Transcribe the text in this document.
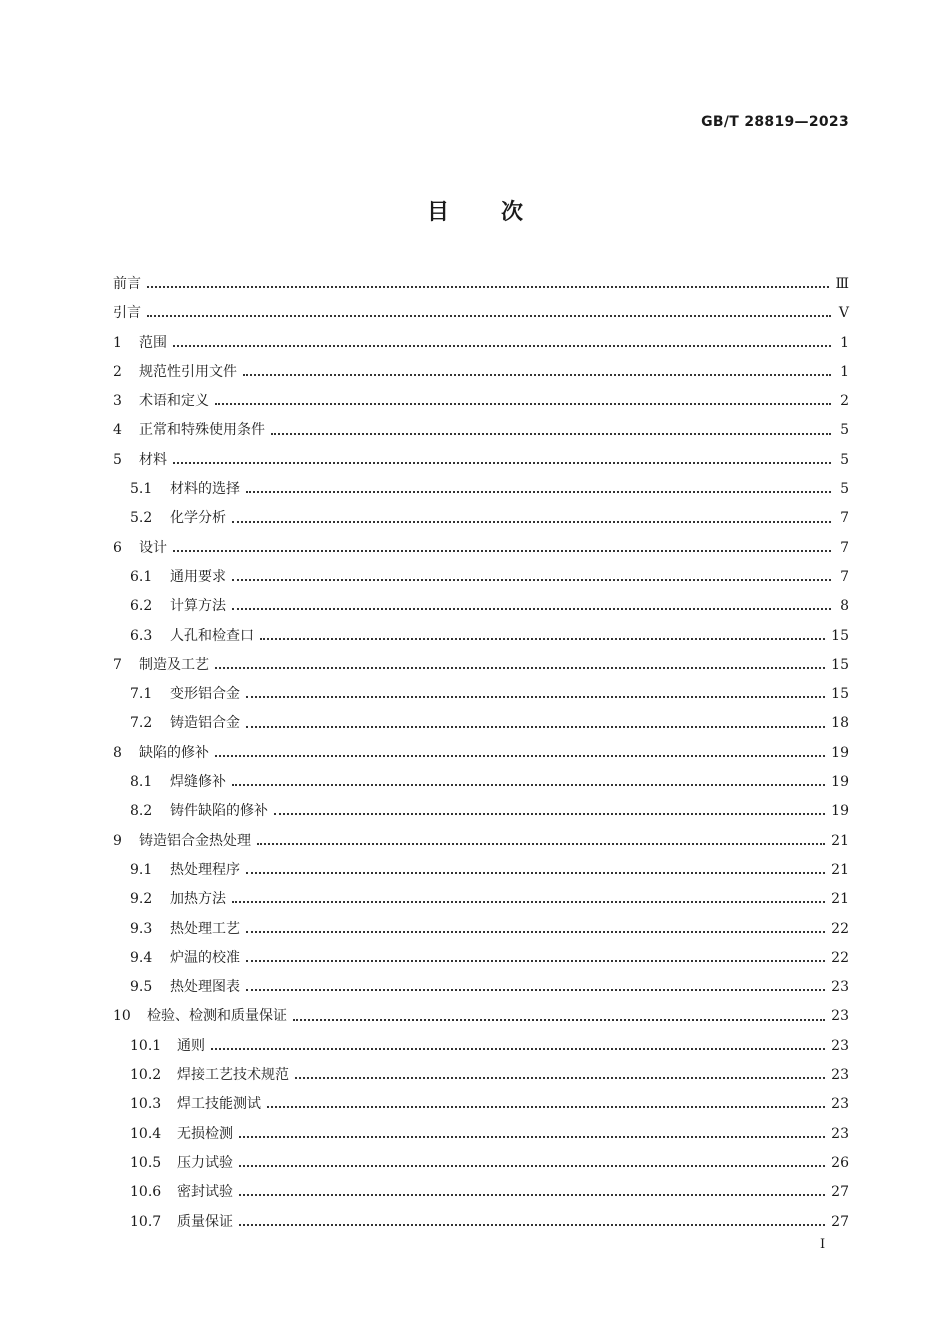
GB/T 28819—2023
目次
前言	Ⅲ
引言	Ⅴ
1	范围	1
2	规范性引用文件	1
3	术语和定义	2
4	正常和特殊使用条件	5
5	材料	5
5.1	材料的选择	5
5.2	化学分析	7
6	设计	7
6.1	通用要求	7
6.2	计算方法	8
6.3	人孔和检查口	15
7	制造及工艺	15
7.1	变形铝合金	15
7.2	铸造铝合金	18
8	缺陷的修补	19
8.1	焊缝修补	19
8.2	铸件缺陷的修补	19
9	铸造铝合金热处理	21
9.1	热处理程序	21
9.2	加热方法	21
9.3	热处理工艺	22
9.4	炉温的校准	22
9.5	热处理图表	23
10	检验、检测和质量保证	23
10.1	通则	23
10.2	焊接工艺技术规范	23
10.3	焊工技能测试	23
10.4	无损检测	23
10.5	压力试验	26
10.6	密封试验	27
10.7	质量保证	27
Ⅰ
